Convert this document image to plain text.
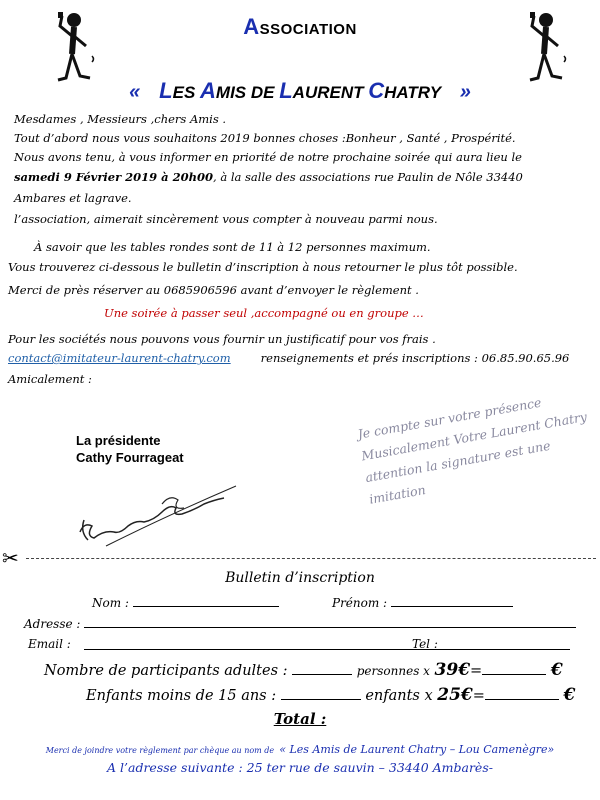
ASSOCIATION
« LES AMIS DE LAURENT CHATRY »
Mesdames , Messieurs ,chers Amis .
Tout d’abord nous vous souhaitons 2019 bonnes choses :Bonheur , Santé , Prospérité.
Nous avons tenu, à vous informer en priorité de notre prochaine soirée qui aura lieu le
samedi 9 Février 2019 à 20h00, à la salle des associations rue Paulin de Nôle 33440
Ambares et lagrave.
l’association, aimerait sincèrement vous compter à nouveau parmi nous.
À savoir que les tables rondes sont de 11 à 12 personnes maximum.
Vous trouverez ci-dessous le bulletin d’inscription à nous retourner le plus tôt possible.
Merci de près réserver au 0685906596 avant d’envoyer le règlement .
Une soirée à passer seul ,accompagné ou en groupe …
Pour les sociétés nous pouvons vous fournir un justificatif pour vos frais .
contact@imitateur-laurent-chatry.com	renseignements et prés inscriptions : 06.85.90.65.96
Amicalement :
La présidente
Cathy Fourrageat
Je compte sur votre présence Musicalement Votre Laurent Chatry attention la signature est une imitation
✂
Bulletin d’inscription
Nom :	Prénom :
Adresse :
Email :	Tel :
Nombre de participants adultes :	personnes x 39€=	€
Enfants moins de 15 ans :	enfants x 25€=	€
Total :
Merci de joindre votre règlement par chèque au nom de « Les Amis de Laurent Chatry – Lou Camenègre»
A l’adresse suivante : 25 ter rue de sauvin – 33440 Ambarès-
